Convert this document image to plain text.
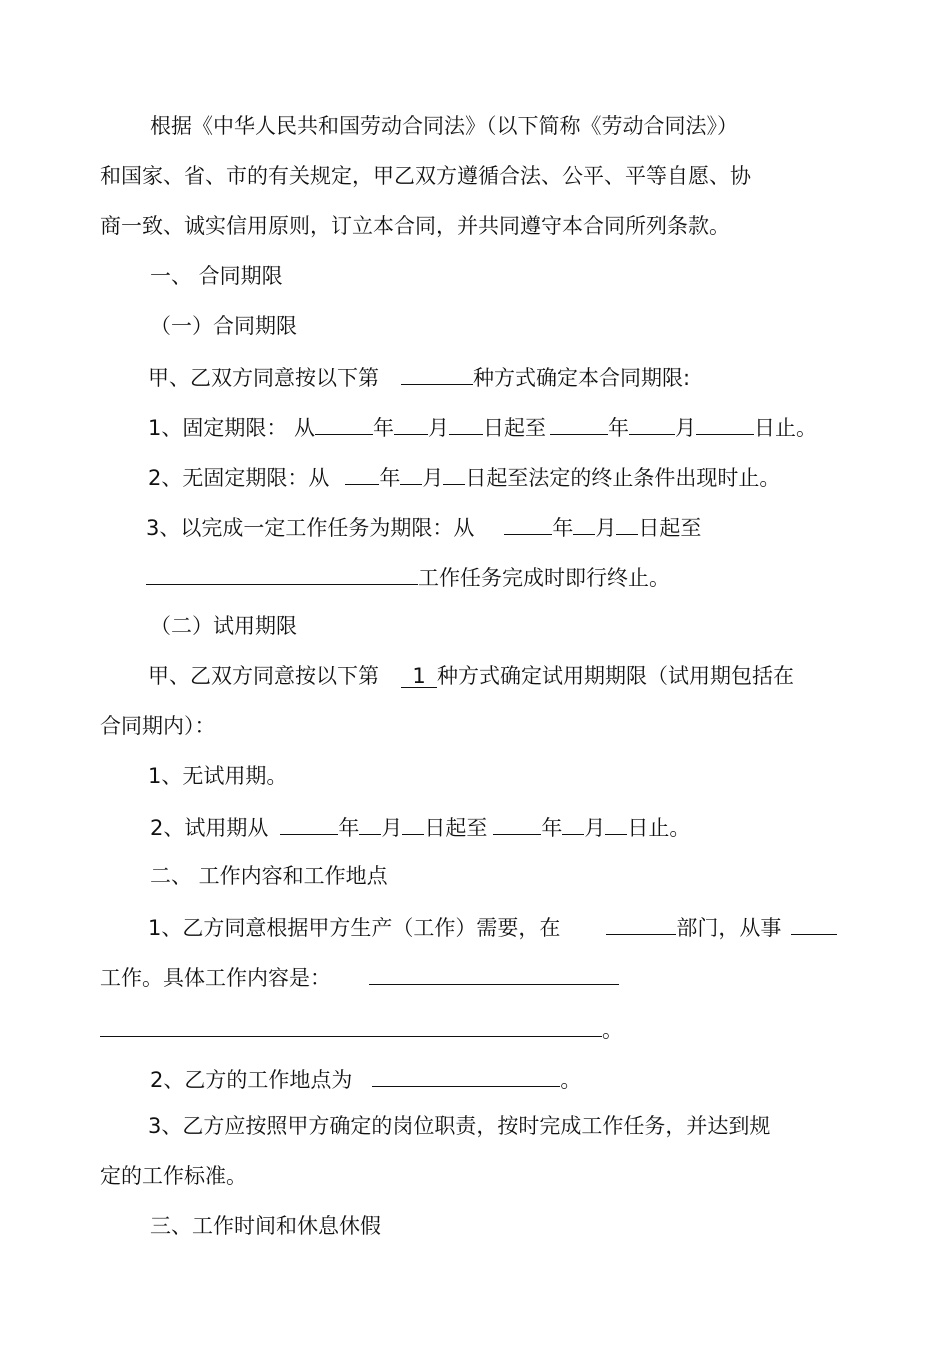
根据《中华人民共和国劳动合同法》（以下简称《劳动合同法》）
和国家、省、市的有关规定，甲乙双方遵循合法、公平、平等自愿、协
商一致、诚实信用原则，订立本合同，并共同遵守本合同所列条款。
一、 合同期限
（一）合同期限
甲、乙双方同意按以下第	种方式确定本合同期限:
1、固定期限： 从	年 月 日起至	年 月	日止。
2、无固定期限：从 年 月 日起至法定的终止条件出现时止。
3、以完成一定工作任务为期限：从	年 月 日起至
工作任务完成时即行终止。
（二）试用期限
甲、乙双方同意按以下第 1 种方式确定试用期期限（试用期包括在
合同期内）：
1、无试用期。
2、试用期从	年 月 日起至	年 月 日止。
二、 工作内容和工作地点
1、乙方同意根据甲方生产（工作）需要，在	部门，从事
工作。具体工作内容是：
。
2、乙方的工作地点为	。
3、乙方应按照甲方确定的岗位职责，按时完成工作任务，并达到规
定的工作标准。
三、工作时间和休息休假
